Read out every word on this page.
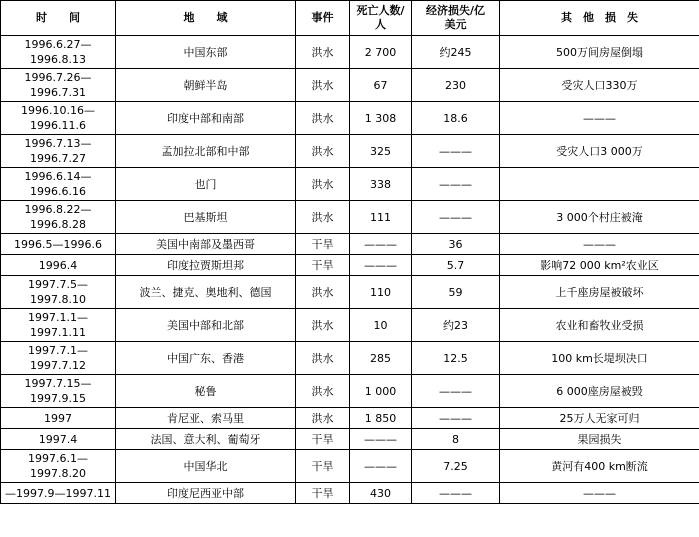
时　　间	地　　域	事件	死亡人数/
人	经济损失/亿
美元	其　他　损　失
1996.6.27—
1996.8.13	中国东部	洪水	2 700	约245	500万间房屋倒塌
1996.7.26—
1996.7.31	朝鲜半岛	洪水	67	230	受灾人口330万
1996.10.16—
1996.11.6	印度中部和南部	洪水	1 308	18.6	———
1996.7.13—
1996.7.27	孟加拉北部和中部	洪水	325	———	受灾人口3 000万
1996.6.14—
1996.6.16	也门	洪水	338	———	
1996.8.22—
1996.8.28	巴基斯坦	洪水	111	———	3 000个村庄被淹
1996.5—1996.6	美国中南部及墨西哥	干旱	———	36	———
1996.4	印度拉贾斯坦邦	干旱	———	5.7	影响72 000 km²农业区
1997.7.5—
1997.8.10	波兰、捷克、奥地利、德国	洪水	110	59	上千座房屋被破坏
1997.1.1—
1997.1.11	美国中部和北部	洪水	10	约23	农业和畜牧业受损
1997.7.1—
1997.7.12	中国广东、香港	洪水	285	12.5	100 km长堤坝决口
1997.7.15—
1997.9.15	秘鲁	洪水	1 000	———	6 000座房屋被毁
1997	肯尼亚、索马里	洪水	1 850	———	25万人无家可归
1997.4	法国、意大利、葡萄牙	干旱	———	8	果园损失
1997.6.1—
1997.8.20	中国华北	干旱	———	7.25	黄河有400 km断流
—1997.9—1997.11	印度尼西亚中部	干旱	430	———	———
